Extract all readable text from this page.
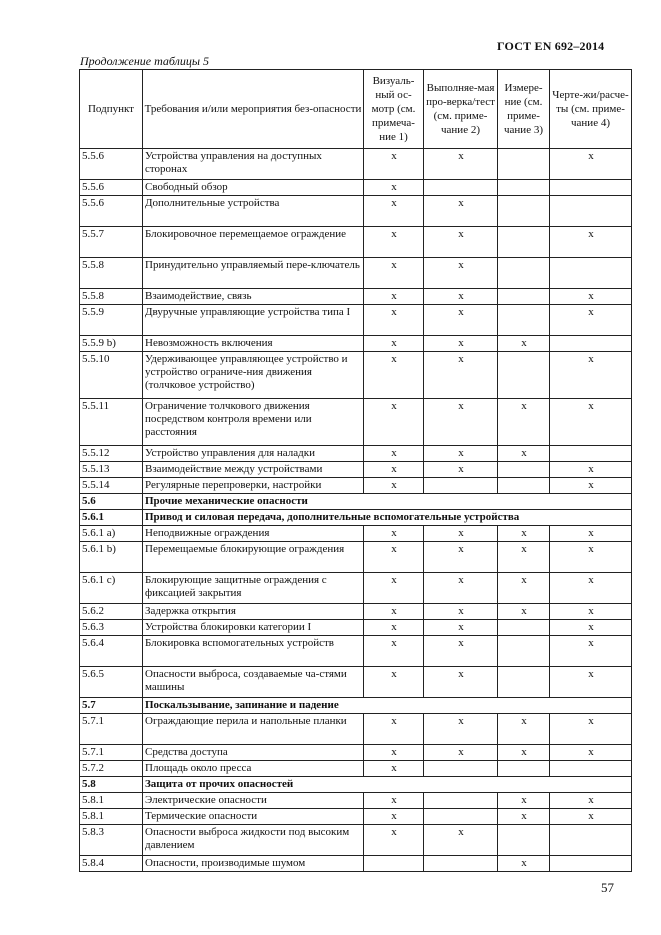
ГОСТ EN 692–2014
Продолжение таблицы 5
Подпункт	Требования и/или мероприятия без-опасности	Визуаль-ный ос-мотр (см. примеча-ние 1)	Выполняе-мая про-верка/тест (см. приме-чание 2)	Измере-ние (см. приме-чание 3)	Черте-жи/расче-ты (см. приме-чание 4)
5.5.6	Устройства управления на доступных сторонах	x	x		x
5.5.6	Свободный обзор	x			
5.5.6	Дополнительные устройства	x	x		
5.5.7	Блокировочное перемещаемое ограждение	x	x		x
5.5.8	Принудительно управляемый пере-ключатель	x	x		
5.5.8	Взаимодействие, связь	x	x		x
5.5.9	Двуручные управляющие устройства типа I	x	x		x
5.5.9 b)	Невозможность включения	x	x	x	
5.5.10	Удерживающее управляющее устройство и устройство ограниче-ния движения (толчковое устройство)	x	x		x
5.5.11	Ограничение толчкового движения посредством контроля времени или расстояния	x	x	x	x
5.5.12	Устройство управления для наладки	x	x	x	
5.5.13	Взаимодействие между устройствами	x	x		x
5.5.14	Регулярные перепроверки, настройки	x			x
5.6	Прочие механические опасности				
5.6.1	Привод и силовая передача, дополнительные вспомогательные устройства				
5.6.1 a)	Неподвижные ограждения	x	x	x	x
5.6.1 b)	Перемещаемые блокирующие ограждения	x	x	x	x
5.6.1 c)	Блокирующие защитные ограждения с фиксацией закрытия	x	x	x	x
5.6.2	Задержка открытия	x	x	x	x
5.6.3	Устройства блокировки категории I	x	x		x
5.6.4	Блокировка вспомогательных устройств	x	x		x
5.6.5	Опасности выброса, создаваемые ча-стями машины	x	x		x
5.7	Поскальзывание, запинание и падение				
5.7.1	Ограждающие перила и напольные планки	x	x	x	x
5.7.1	Средства доступа	x	x	x	x
5.7.2	Площадь около пресса	x			
5.8	Защита от прочих опасностей				
5.8.1	Электрические опасности	x		x	x
5.8.1	Термические опасности	x		x	x
5.8.3	Опасности выброса жидкости под высоким давлением	x	x		
5.8.4	Опасности, производимые шумом			x	
57
